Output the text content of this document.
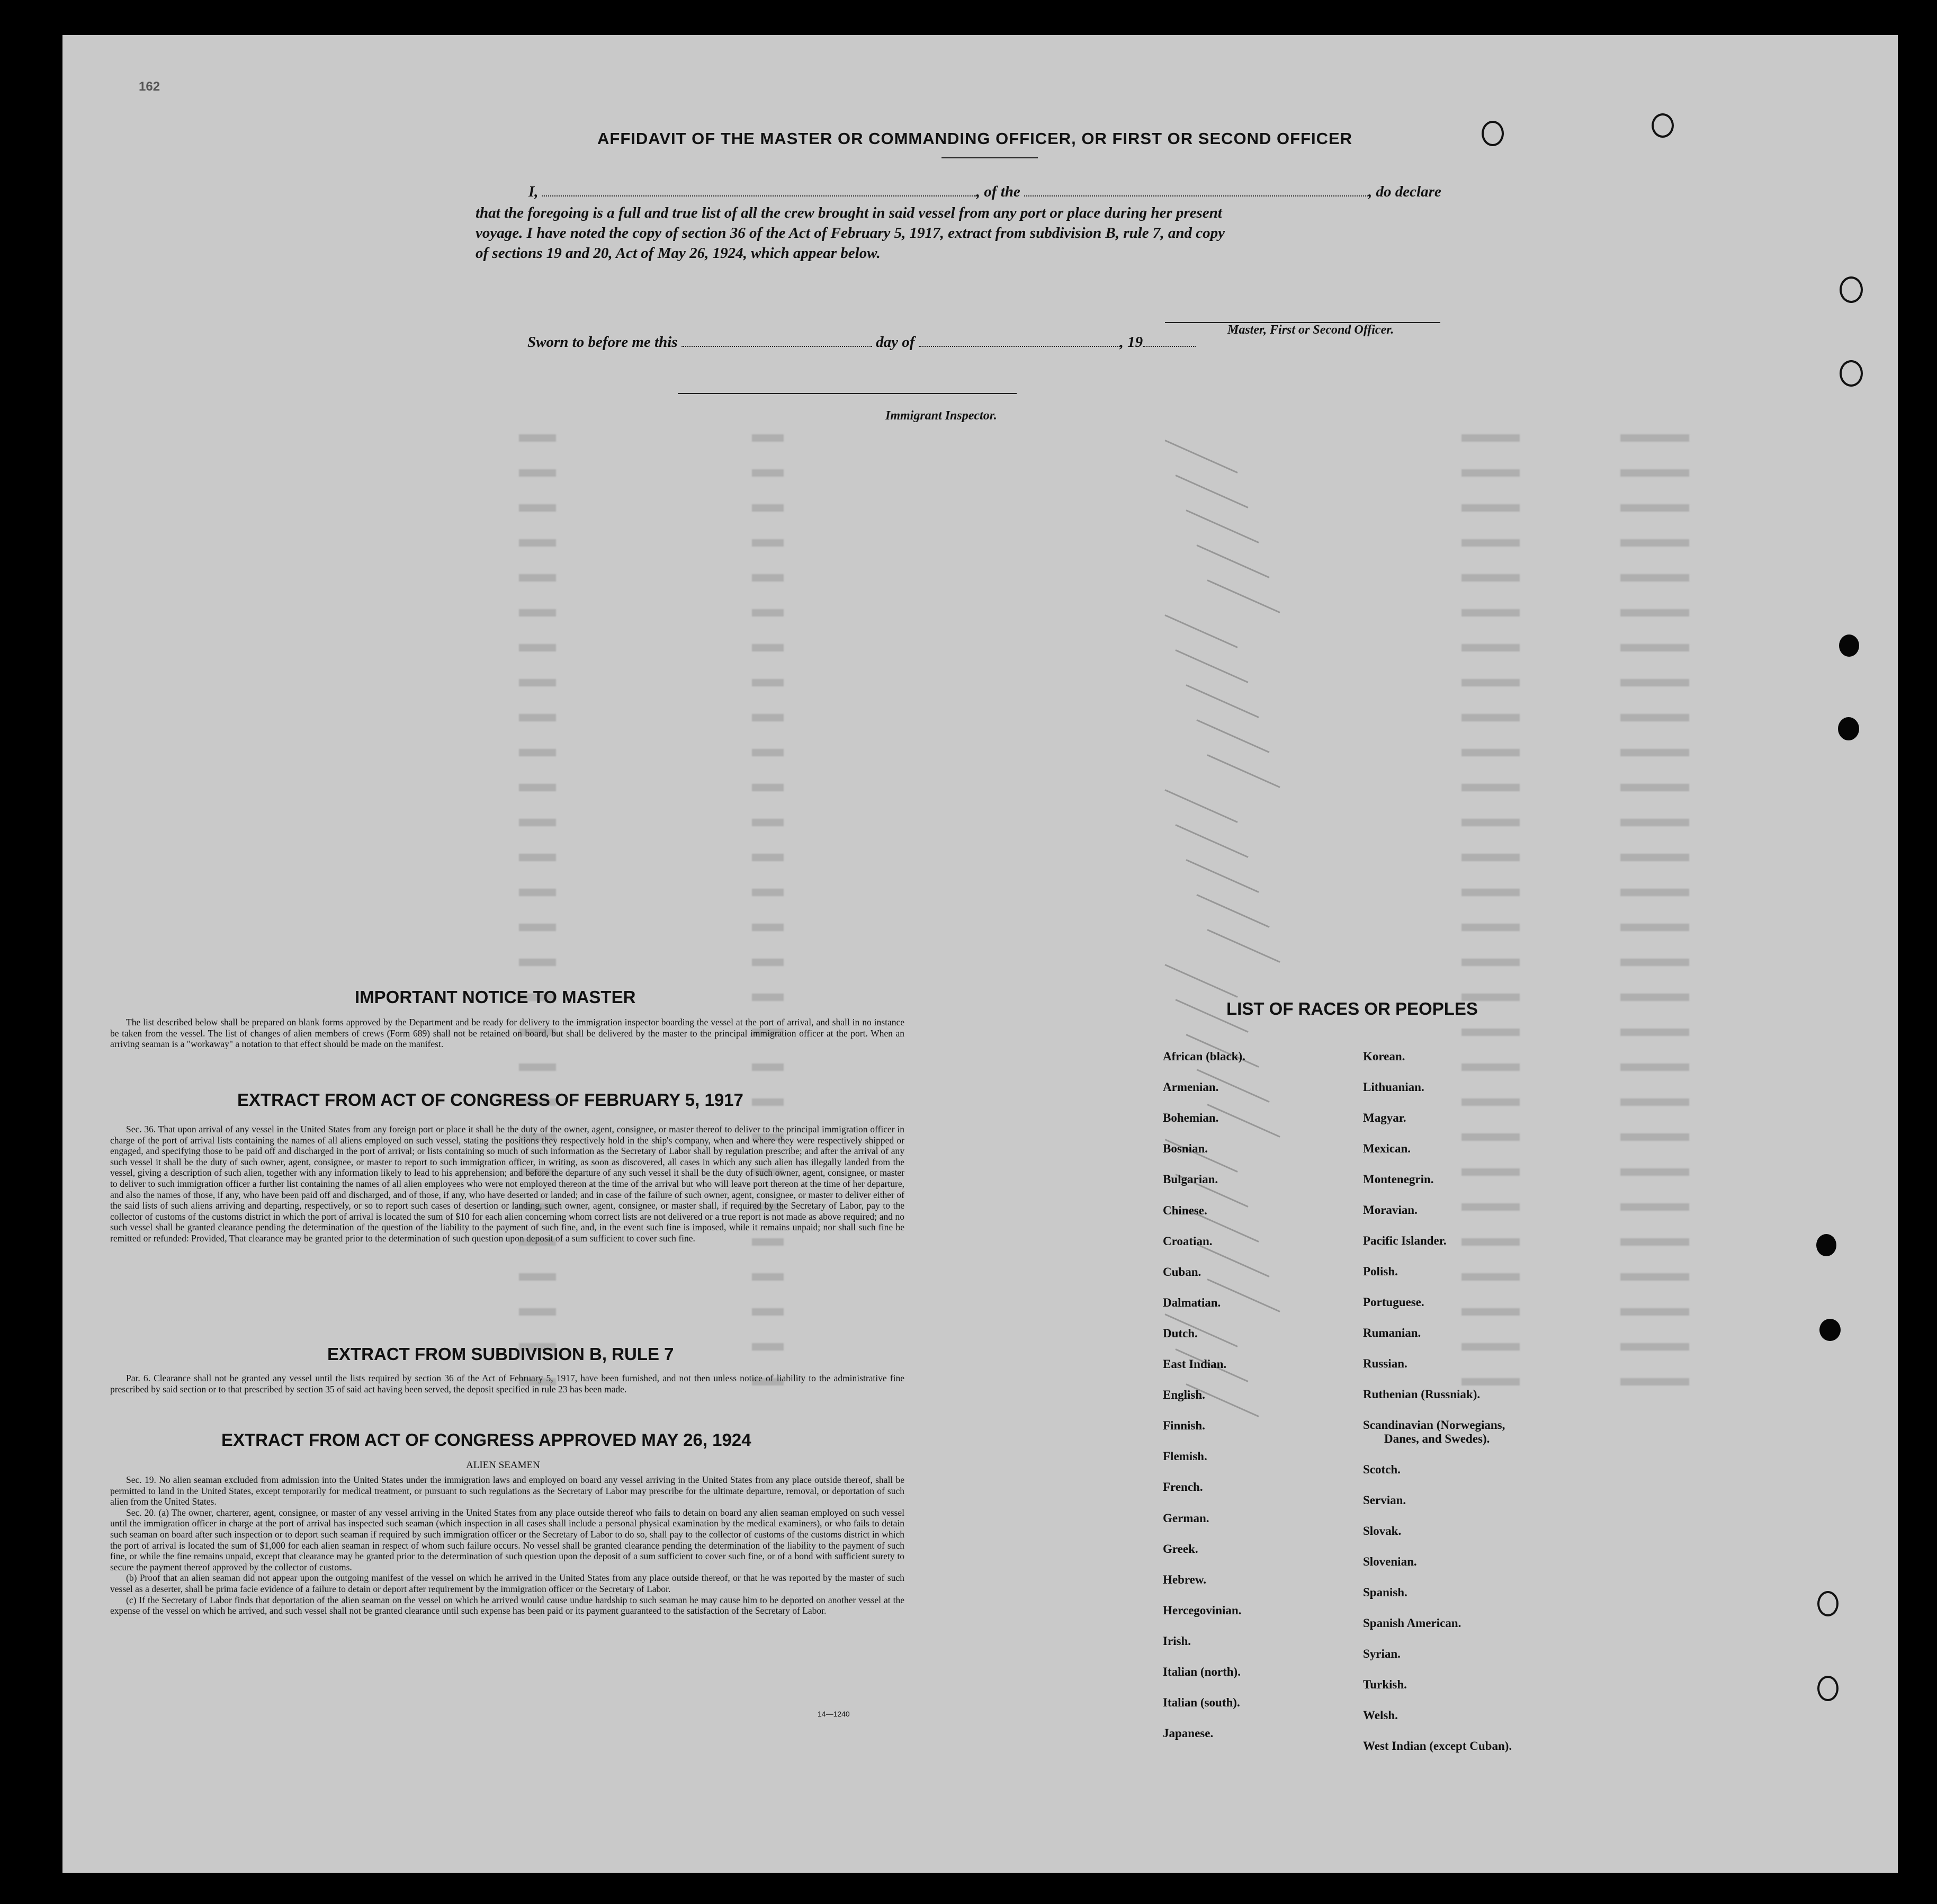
162
AFFIDAVIT OF THE MASTER OR COMMANDING OFFICER, OR FIRST OR SECOND OFFICER
I,	, of the	, do declare
that the foregoing is a full and true list of all the crew brought in said vessel from any port or place during her present
voyage. I have noted the copy of section 36 of the Act of February 5, 1917, extract from subdivision B, rule 7, and copy
of sections 19 and 20, Act of May 26, 1924, which appear below.
Master, First or Second Officer.
Sworn to before me this	day of	, 19
Immigrant Inspector.
IMPORTANT NOTICE TO MASTER

The list described below shall be prepared on blank forms approved by the Department and be ready for delivery to the immigration inspector boarding the vessel at the port of arrival, and shall in no instance be taken from the vessel. The list of changes of alien members of crews (Form 689) shall not be retained on board, but shall be delivered by the master to the principal immigration officer at the port. When an arriving seaman is a "workaway" a notation to that effect should be made on the manifest.

EXTRACT FROM ACT OF CONGRESS OF FEBRUARY 5, 1917

Sec. 36. That upon arrival of any vessel in the United States from any foreign port or place it shall be the duty of the owner, agent, consignee, or master thereof to deliver to the principal immigration officer in charge of the port of arrival lists containing the names of all aliens employed on such vessel, stating the positions they respectively hold in the ship's company, when and where they were respectively shipped or engaged, and specifying those to be paid off and discharged in the port of arrival; or lists containing so much of such information as the Secretary of Labor shall by regulation prescribe; and after the arrival of any such vessel it shall be the duty of such owner, agent, consignee, or master to report to such immigration officer, in writing, as soon as discovered, all cases in which any such alien has illegally landed from the vessel, giving a description of such alien, together with any information likely to lead to his apprehension; and before the departure of any such vessel it shall be the duty of such owner, agent, consignee, or master to deliver to such immigration officer a further list containing the names of all alien employees who were not employed thereon at the time of the arrival but who will leave port thereon at the time of her departure, and also the names of those, if any, who have been paid off and discharged, and of those, if any, who have deserted or landed; and in case of the failure of such owner, agent, consignee, or master to deliver either of the said lists of such aliens arriving and departing, respectively, or so to report such cases of desertion or landing, such owner, agent, consignee, or master shall, if required by the Secretary of Labor, pay to the collector of customs of the customs district in which the port of arrival is located the sum of $10 for each alien concerning whom correct lists are not delivered or a true report is not made as above required; and no such vessel shall be granted clearance pending the determination of the question of the liability to the payment of such fine, and, in the event such fine is imposed, while it remains unpaid; nor shall such fine be remitted or refunded: Provided, That clearance may be granted prior to the determination of such question upon deposit of a sum sufficient to cover such fine.

EXTRACT FROM SUBDIVISION B, RULE 7

Par. 6. Clearance shall not be granted any vessel until the lists required by section 36 of the Act of February 5, 1917, have been furnished, and not then unless notice of liability to the administrative fine prescribed by said section or to that prescribed by section 35 of said act having been served, the deposit specified in rule 23 has been made.

EXTRACT FROM ACT OF CONGRESS APPROVED MAY 26, 1924
ALIEN SEAMEN

Sec. 19. No alien seaman excluded from admission into the United States under the immigration laws and employed on board any vessel arriving in the United States from any place outside thereof, shall be permitted to land in the United States, except temporarily for medical treatment, or pursuant to such regulations as the Secretary of Labor may prescribe for the ultimate departure, removal, or deportation of such alien from the United States.

Sec. 20. (a) The owner, charterer, agent, consignee, or master of any vessel arriving in the United States from any place outside thereof who fails to detain on board any alien seaman employed on such vessel until the immigration officer in charge at the port of arrival has inspected such seaman (which inspection in all cases shall include a personal physical examination by the medical examiners), or who fails to detain such seaman on board after such inspection or to deport such seaman if required by such immigration officer or the Secretary of Labor to do so, shall pay to the collector of customs of the customs district in which the port of arrival is located the sum of $1,000 for each alien seaman in respect of whom such failure occurs. No vessel shall be granted clearance pending the determination of the liability to the payment of such fine, or while the fine remains unpaid, except that clearance may be granted prior to the determination of such question upon the deposit of a sum sufficient to cover such fine, or of a bond with sufficient surety to secure the payment thereof approved by the collector of customs.

(b) Proof that an alien seaman did not appear upon the outgoing manifest of the vessel on which he arrived in the United States from any place outside thereof, or that he was reported by the master of such vessel as a deserter, shall be prima facie evidence of a failure to detain or deport after requirement by the immigration officer or the Secretary of Labor.

(c) If the Secretary of Labor finds that deportation of the alien seaman on the vessel on which he arrived would cause undue hardship to such seaman he may cause him to be deported on another vessel at the expense of the vessel on which he arrived, and such vessel shall not be granted clearance until such expense has been paid or its payment guaranteed to the satisfaction of the Secretary of Labor.

14—1240
LIST OF RACES OR PEOPLES
African (black).
Armenian.
Bohemian.
Bosnian.
Bulgarian.
Chinese.
Croatian.
Cuban.
Dalmatian.
Dutch.
East Indian.
English.
Finnish.
Flemish.
French.
German.
Greek.
Hebrew.
Hercegovinian.
Irish.
Italian (north).
Italian (south).
Japanese.
Korean.
Lithuanian.
Magyar.
Mexican.
Montenegrin.
Moravian.
Pacific Islander.
Polish.
Portuguese.
Rumanian.
Russian.
Ruthenian (Russniak).
Scandinavian (Norwegians,
Danes, and Swedes).
Scotch.
Servian.
Slovak.
Slovenian.
Spanish.
Spanish American.
Syrian.
Turkish.
Welsh.
West Indian (except Cuban).
